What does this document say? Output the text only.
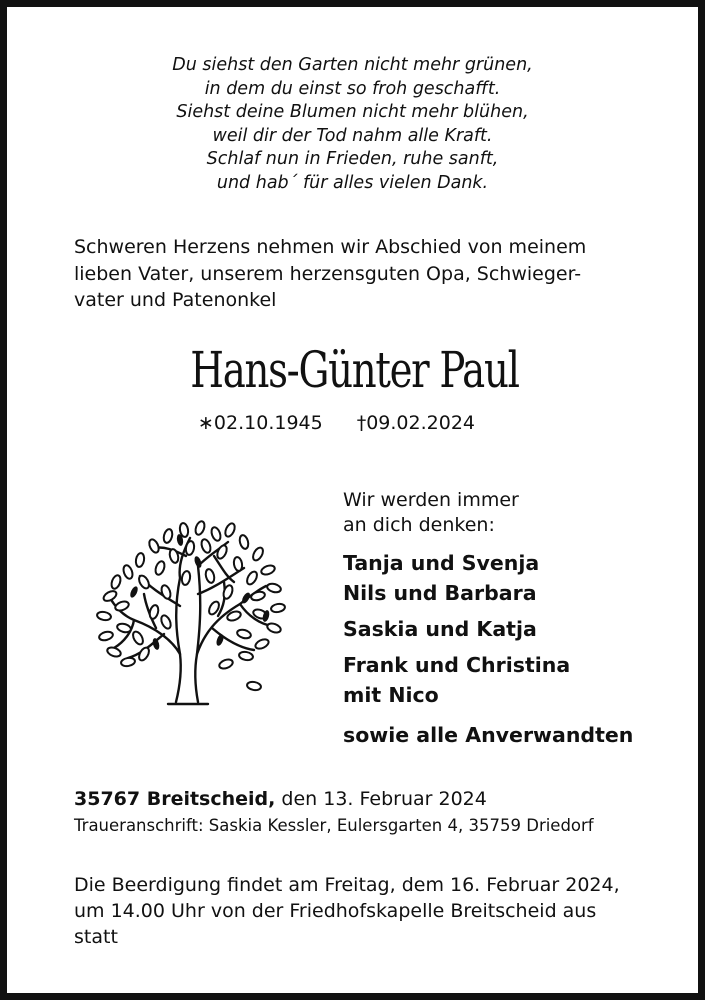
Du siehst den Garten nicht mehr grünen,
in dem du einst so froh geschafft.
Siehst deine Blumen nicht mehr blühen,
weil dir der Tod nahm alle Kraft.
Schlaf nun in Frieden, ruhe sanft,
und hab´ für alles vielen Dank.
Schweren Herzens nehmen wir Abschied von meinem
lieben Vater, unserem herzensguten Opa, Schwieger-
vater und Patenonkel
Hans-Günter Paul
∗02.10.1945 †09.02.2024
Wir werden immer
an dich denken:
Tanja und Svenja
Nils und Barbara
Saskia und Katja
Frank und Christina
mit Nico
sowie alle Anverwandten
35767 Breitscheid, den 13. Februar 2024
Traueranschrift: Saskia Kessler, Eulersgarten 4, 35759 Driedorf
Die Beerdigung findet am Freitag, dem 16. Februar 2024,
um 14.00 Uhr von der Friedhofskapelle Breitscheid aus
statt
